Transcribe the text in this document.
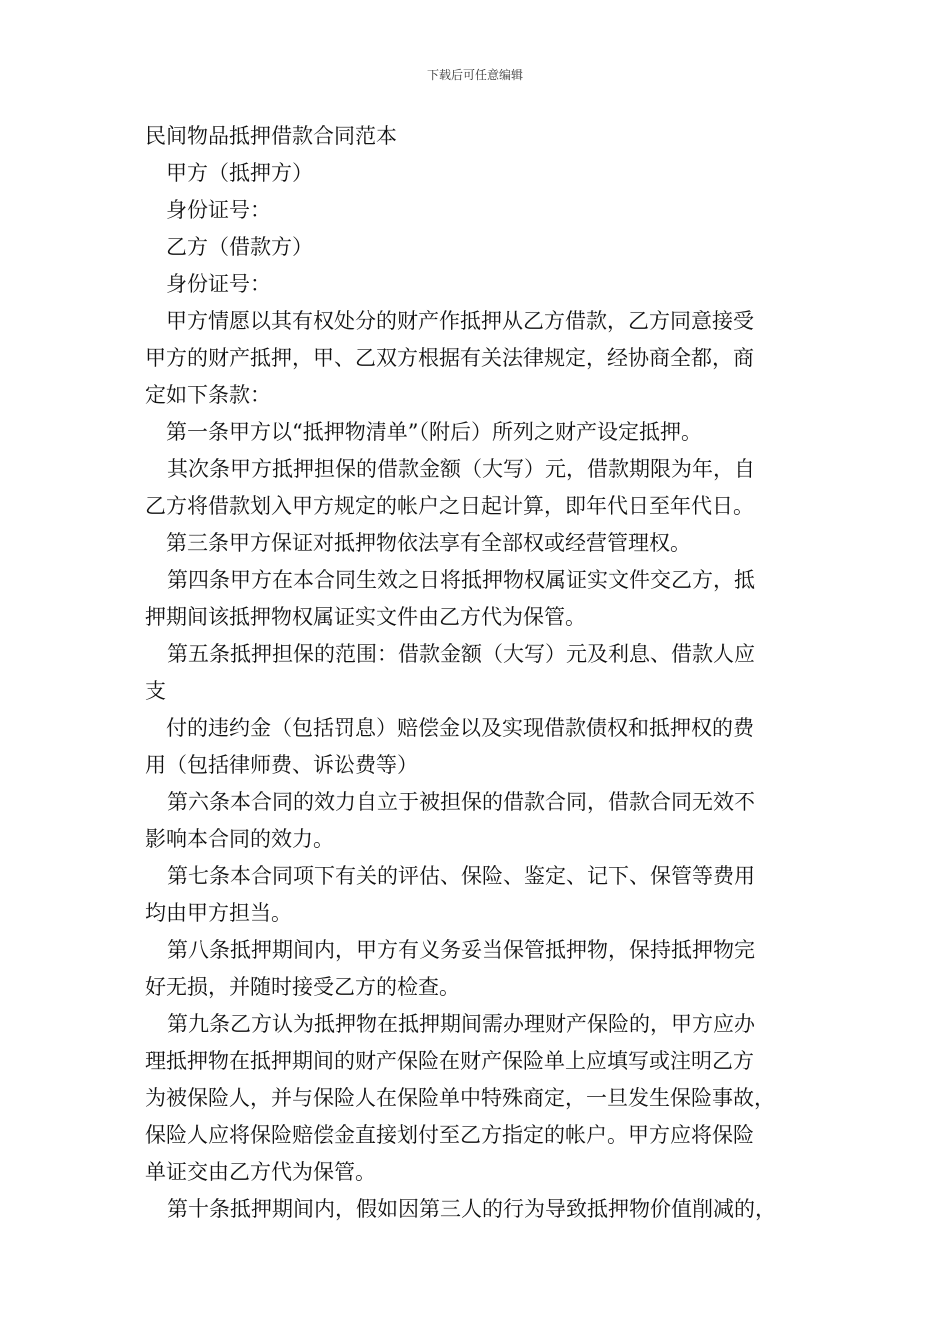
下载后可任意编辑
民间物品抵押借款合同范本
甲方（抵押方）
身份证号：
乙方（借款方）
身份证号：
甲方情愿以其有权处分的财产作抵押从乙方借款，乙方同意接受
甲方的财产抵押，甲、乙双方根据有关法律规定，经协商全都，商
定如下条款：
第一条甲方以“抵押物清单”（附后）所列之财产设定抵押。
其次条甲方抵押担保的借款金额（大写）元，借款期限为年，自
乙方将借款划入甲方规定的帐户之日起计算，即年代日至年代日。
第三条甲方保证对抵押物依法享有全部权或经营管理权。
第四条甲方在本合同生效之日将抵押物权属证实文件交乙方，抵
押期间该抵押物权属证实文件由乙方代为保管。
第五条抵押担保的范围：借款金额（大写）元及利息、借款人应
支
付的违约金（包括罚息）赔偿金以及实现借款债权和抵押权的费
用（包括律师费、诉讼费等）
第六条本合同的效力自立于被担保的借款合同，借款合同无效不
影响本合同的效力。
第七条本合同项下有关的评估、保险、鉴定、记下、保管等费用
均由甲方担当。
第八条抵押期间内，甲方有义务妥当保管抵押物，保持抵押物完
好无损，并随时接受乙方的检查。
第九条乙方认为抵押物在抵押期间需办理财产保险的，甲方应办
理抵押物在抵押期间的财产保险在财产保险单上应填写或注明乙方
为被保险人，并与保险人在保险单中特殊商定，一旦发生保险事故，
保险人应将保险赔偿金直接划付至乙方指定的帐户。甲方应将保险
单证交由乙方代为保管。
第十条抵押期间内，假如因第三人的行为导致抵押物价值削减的，
